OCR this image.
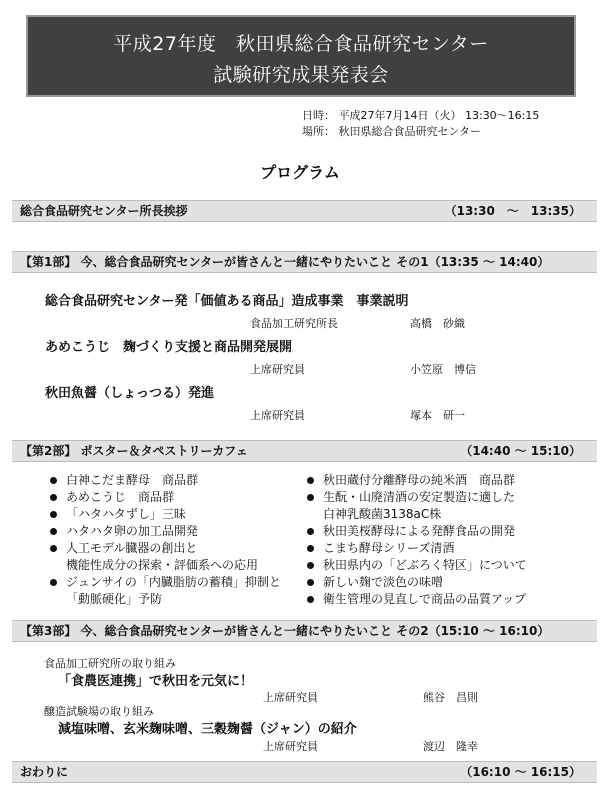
平成27年度　秋田県総合食品研究センター
試験研究成果発表会
日時： 平成27年7月14日（火） 13:30〜16:15
場所： 秋田県総合食品研究センター
プログラム
総合食品研究センター所長挨拶	（13:30　～　13:35）
【第1部】 今、総合食品研究センターが皆さんと一緒にやりたいこと その1（13:35 ～ 14:40）
総合食品研究センター発「価値ある商品」造成事業　事業説明
食品加工研究所長	高橋　砂織
あめこうじ　麹づくり支援と商品開発展開
上席研究員	小笠原　博信
秋田魚醤（しょっつる）発進
上席研究員	塚本　研一
【第2部】 ポスター＆タペストリーカフェ	（14:40 ～ 15:10）
白神こだま酵母　商品群
あめこうじ　商品群
「ハタハタずし」三昧
ハタハタ卵の加工品開発
人工モデル臓器の創出と
機能性成分の探索・評価系への応用
ジュンサイの「内臓脂肪の蓄積」抑制と
「動脈硬化」予防
秋田蔵付分離酵母の純米酒　商品群
生酛・山廃清酒の安定製造に適した
白神乳酸菌3138aC株
秋田美桜酵母による発酵食品の開発
こまち酵母シリーズ清酒
秋田県内の「どぶろく特区」について
新しい麹で淡色の味噌
衛生管理の見直しで商品の品質アップ
【第3部】 今、総合食品研究センターが皆さんと一緒にやりたいこと その2（15:10 ～ 16:10）
食品加工研究所の取り組み
「食農医連携」で秋田を元気に！
上席研究員	熊谷　昌則
醸造試験場の取り組み
減塩味噌、玄米麹味噌、三穀麹醤（ジャン）の紹介
上席研究員	渡辺　隆幸
おわりに	（16:10 ～ 16:15）
